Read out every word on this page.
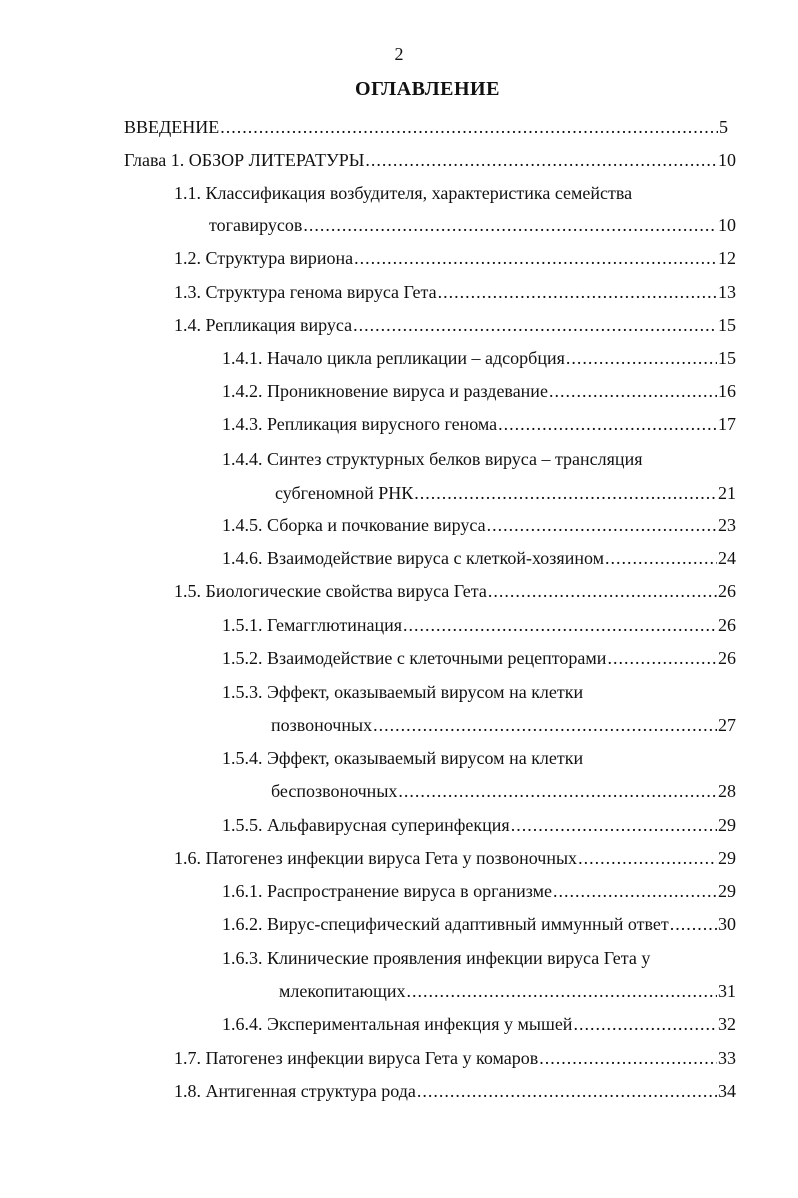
2
ОГЛАВЛЕНИЕ
ВВЕДЕНИЕ .....	5
Глава 1. ОБЗОР ЛИТЕРАТУРЫ .....	10
1.1. Классификация возбудителя, характеристика семейства
тогавирусов .....	10
1.2. Структура вириона .....	12
1.3. Структура генома вируса Гета .....	13
1.4. Репликация вируса .....	15
1.4.1. Начало цикла репликации – адсорбция .....	15
1.4.2. Проникновение вируса и раздевание .....	16
1.4.3. Репликация вирусного генома .....	17
1.4.4. Синтез структурных белков вируса – трансляция
субгеномной РНК .....	21
1.4.5. Сборка и почкование вируса .....	23
1.4.6. Взаимодействие вируса с клеткой-хозяином .....	24
1.5. Биологические свойства вируса Гета .....	26
1.5.1. Гемагглютинация .....	26
1.5.2. Взаимодействие с клеточными рецепторами .....	26
1.5.3. Эффект, оказываемый вирусом на клетки
позвоночных .....	27
1.5.4. Эффект, оказываемый вирусом на клетки
беспозвоночных .....	28
1.5.5. Альфавирусная суперинфекция .....	29
1.6. Патогенез инфекции вируса Гета у позвоночных .....	29
1.6.1. Распространение вируса в организме .....	29
1.6.2. Вирус-специфический адаптивный иммунный ответ .....	30
1.6.3. Клинические проявления инфекции вируса Гета у
млекопитающих .....	31
1.6.4. Экспериментальная инфекция у мышей .....	32
1.7. Патогенез инфекции вируса Гета у комаров .....	33
1.8. Антигенная структура рода .....	34
